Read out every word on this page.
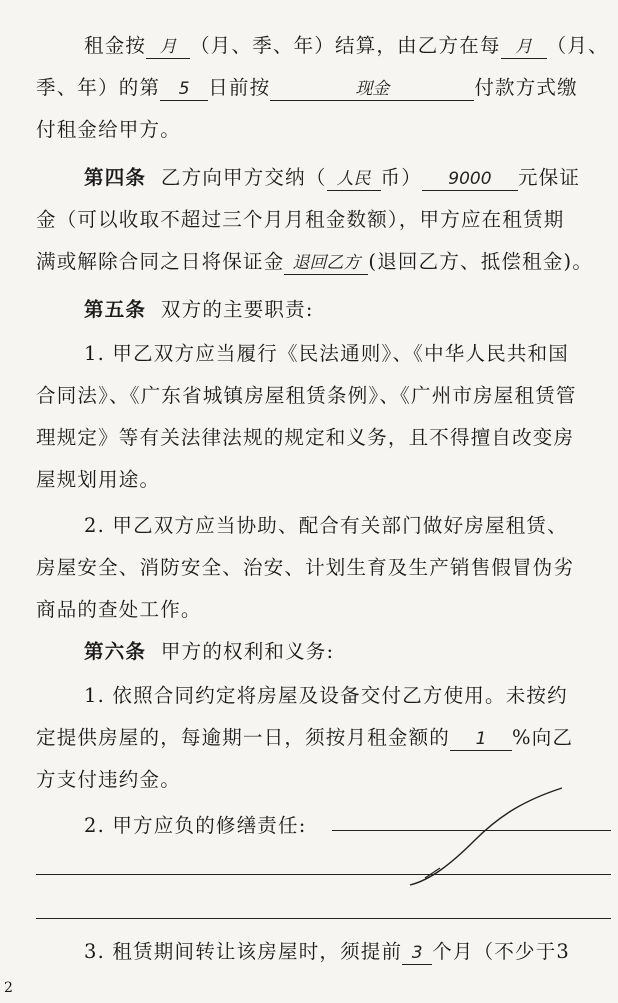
租金按 月 （月、季、年）结算，由乙方在每 月 （月、
季、年）的第 5 日前按	现金	付款方式缴
付租金给甲方。
第四条 乙方向甲方交纳（ 人民 币） 9000 元保证
金（可以收取不超过三个月月租金数额），甲方应在租赁期
满或解除合同之日将保证金 退回乙方 (退回乙方、抵偿租金)。
第五条 双方的主要职责:
1. 甲乙双方应当履行《民法通则》、《中华人民共和国
合同法》、《广东省城镇房屋租赁条例》、《广州市房屋租赁管
理规定》等有关法律法规的规定和义务，且不得擅自改变房
屋规划用途。
2. 甲乙双方应当协助、配合有关部门做好房屋租赁、
房屋安全、消防安全、治安、计划生育及生产销售假冒伪劣
商品的查处工作。
第六条 甲方的权利和义务:
1. 依照合同约定将房屋及设备交付乙方使用。未按约
定提供房屋的，每逾期一日，须按月租金额的 1 %向乙
方支付违约金。
2. 甲方应负的修缮责任:
3. 租赁期间转让该房屋时，须提前 3 个月（不少于3
2
